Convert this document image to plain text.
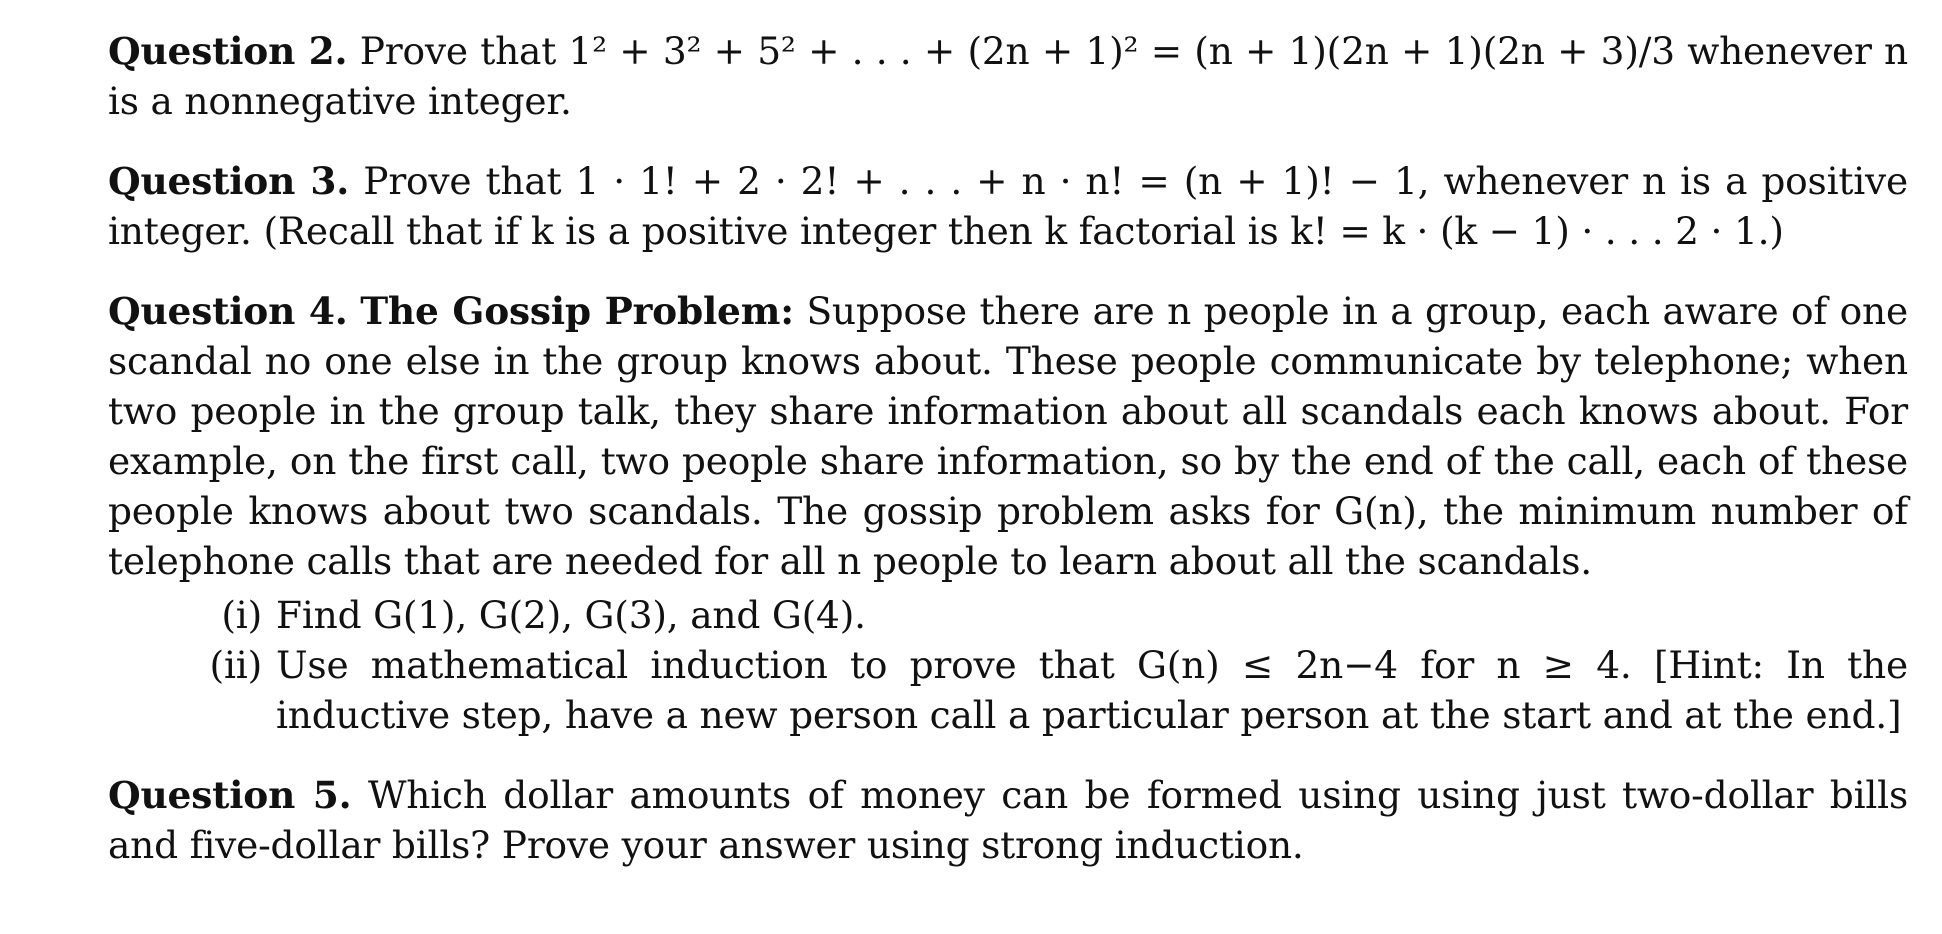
Question 2. Prove that 1² + 3² + 5² + . . . + (2n + 1)² = (n + 1)(2n + 1)(2n + 3)/3 whenever n is a nonnegative integer.

Question 3. Prove that 1 · 1! + 2 · 2! + . . . + n · n! = (n + 1)! − 1, whenever n is a positive integer. (Recall that if k is a positive integer then k factorial is k! = k · (k − 1) · . . . 2 · 1.)

Question 4. The Gossip Problem: Suppose there are n people in a group, each aware of one scandal no one else in the group knows about. These people communicate by telephone; when two people in the group talk, they share information about all scandals each knows about. For example, on the first call, two people share information, so by the end of the call, each of these people knows about two scandals. The gossip problem asks for G(n), the minimum number of telephone calls that are needed for all n people to learn about all the scandals.

(i) Find G(1), G(2), G(3), and G(4).
(ii) Use mathematical induction to prove that G(n) ≤ 2n−4 for n ≥ 4. [Hint: In the inductive step, have a new person call a particular person at the start and at the end.]

Question 5. Which dollar amounts of money can be formed using using just two-dollar bills and five-dollar bills? Prove your answer using strong induction.
